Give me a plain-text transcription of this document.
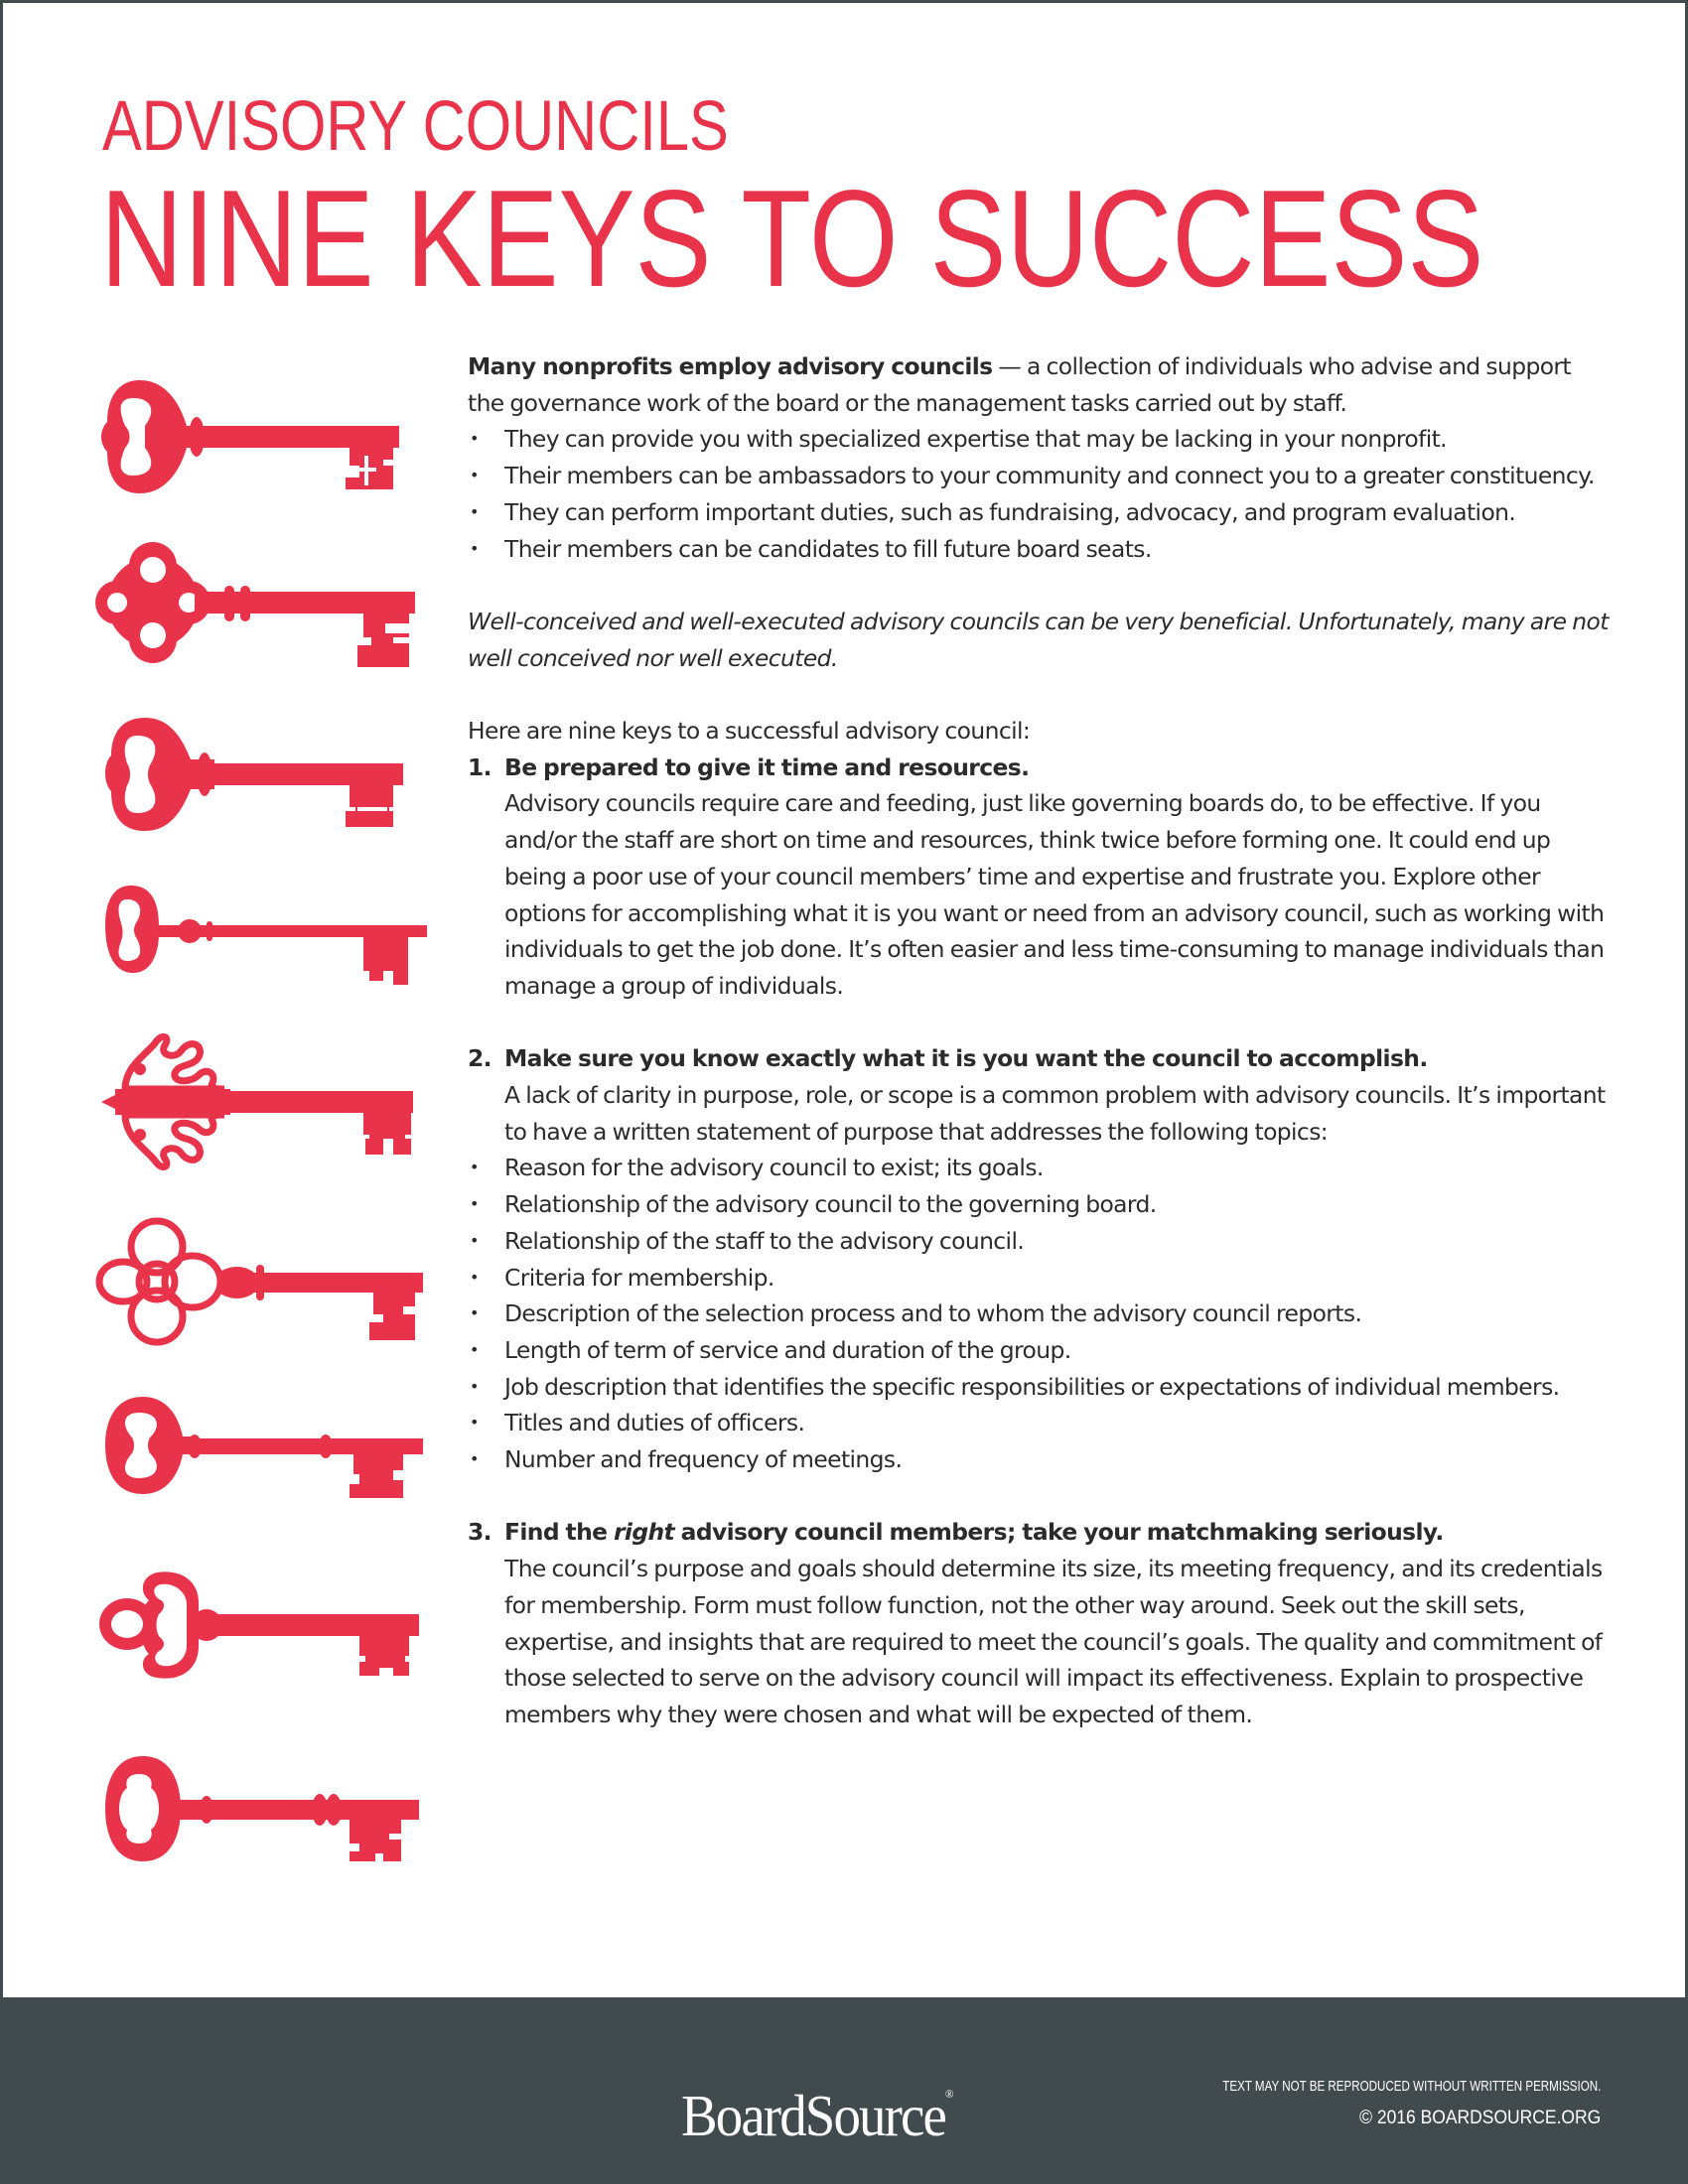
ADVISORY COUNCILS
NINE KEYS TO SUCCESS

Many nonprofits employ advisory councils — a collection of individuals who advise and support the governance work of the board or the management tasks carried out by staff.

•	They can provide you with specialized expertise that may be lacking in your nonprofit.
•	Their members can be ambassadors to your community and connect you to a greater constituency.
•	They can perform important duties, such as fundraising, advocacy, and program evaluation.
•	Their members can be candidates to fill future board seats.

Well-conceived and well-executed advisory councils can be very beneficial. Unfortunately, many are not well conceived nor well executed.

Here are nine keys to a successful advisory council:

1. Be prepared to give it time and resources.

Advisory councils require care and feeding, just like governing boards do, to be effective. If you and/or the staff are short on time and resources, think twice before forming one. It could end up being a poor use of your council members’ time and expertise and frustrate you. Explore other options for accomplishing what it is you want or need from an advisory council, such as working with individuals to get the job done. It’s often easier and less time-consuming to manage individuals than manage a group of individuals.

2. Make sure you know exactly what it is you want the council to accomplish.

A lack of clarity in purpose, role, or scope is a common problem with advisory councils. It’s important to have a written statement of purpose that addresses the following topics:

•	Reason for the advisory council to exist; its goals.
•	Relationship of the advisory council to the governing board.
•	Relationship of the staff to the advisory council.
•	Criteria for membership.
•	Description of the selection process and to whom the advisory council reports.
•	Length of term of service and duration of the group.
•	Job description that identifies the specific responsibilities or expectations of individual members.
•	Titles and duties of officers.
•	Number and frequency of meetings.
3. Find the right advisory council members; take your matchmaking seriously.

The council’s purpose and goals should determine its size, its meeting frequency, and its credentials for membership. Form must follow function, not the other way around. Seek out the skill sets, expertise, and insights that are required to meet the council’s goals. The quality and commitment of those selected to serve on the advisory council will impact its effectiveness. Explain to prospective members why they were chosen and what will be expected of them.

BoardSource®	TEXT MAY NOT BE REPRODUCED WITHOUT WRITTEN PERMISSION.
© 2016 BOARDSOURCE.ORG
